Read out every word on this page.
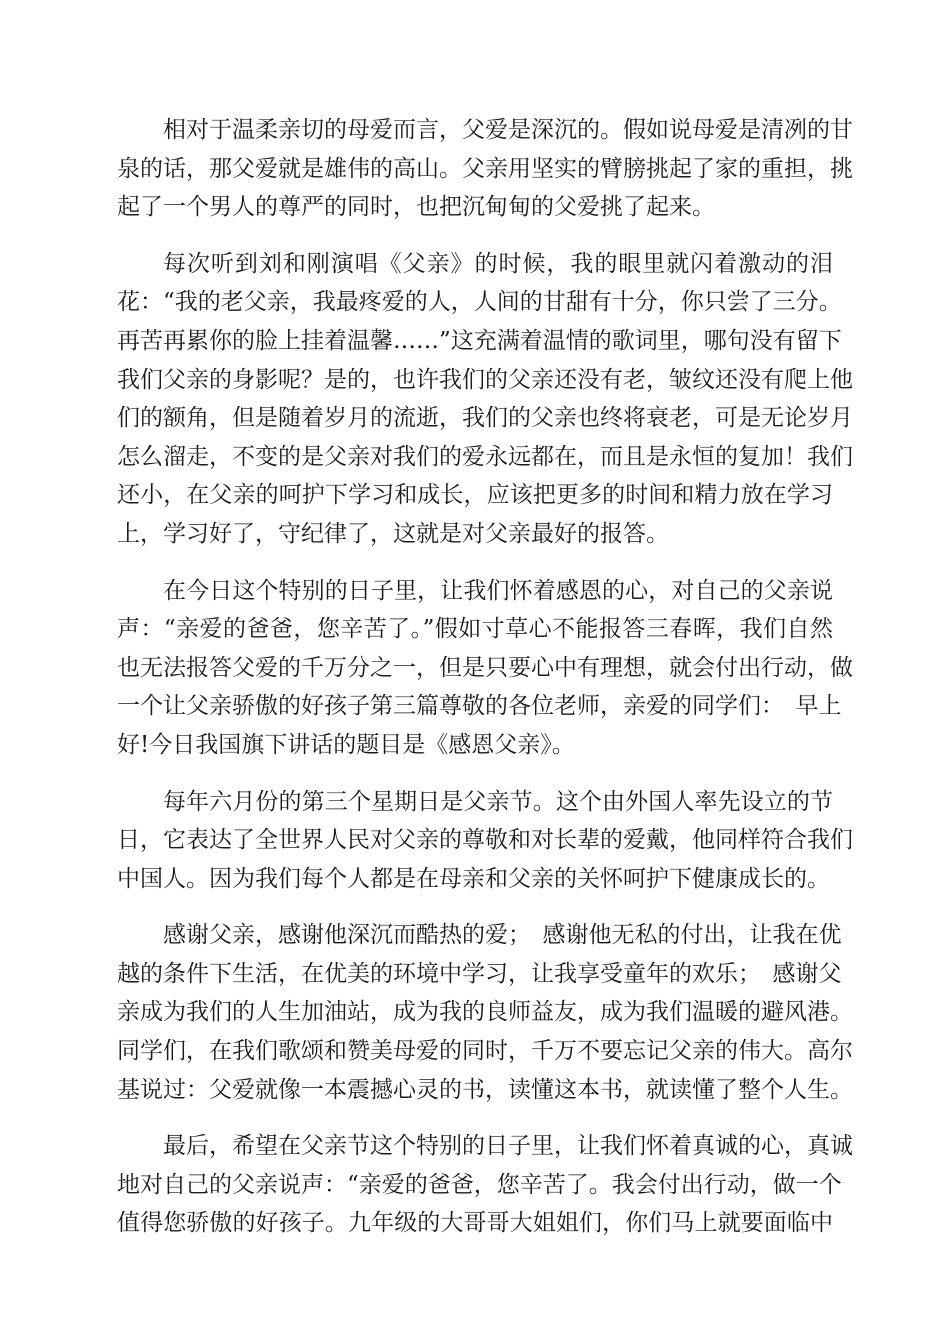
相对于温柔亲切的母爱而言，父爱是深沉的。假如说母爱是清冽的甘
泉的话，那父爱就是雄伟的高山。父亲用坚实的臂膀挑起了家的重担，挑
起了一个男人的尊严的同时，也把沉甸甸的父爱挑了起来。
每次听到刘和刚演唱《父亲》的时候，我的眼里就闪着激动的泪
花：“我的老父亲，我最疼爱的人，人间的甘甜有十分，你只尝了三分。
再苦再累你的脸上挂着温馨……”这充满着温情的歌词里，哪句没有留下
我们父亲的身影呢？是的，也许我们的父亲还没有老，皱纹还没有爬上他
们的额角，但是随着岁月的流逝，我们的父亲也终将衰老，可是无论岁月
怎么溜走，不变的是父亲对我们的爱永远都在，而且是永恒的复加！我们
还小，在父亲的呵护下学习和成长，应该把更多的时间和精力放在学习
上，学习好了，守纪律了，这就是对父亲最好的报答。
在今日这个特别的日子里，让我们怀着感恩的心，对自己的父亲说
声：“亲爱的爸爸，您辛苦了。”假如寸草心不能报答三春晖，我们自然
也无法报答父爱的千万分之一，但是只要心中有理想，就会付出行动，做
一个让父亲骄傲的好孩子第三篇尊敬的各位老师，亲爱的同学们：　早上
好!今日我国旗下讲话的题目是《感恩父亲》。
每年六月份的第三个星期日是父亲节。这个由外国人率先设立的节
日，它表达了全世界人民对父亲的尊敬和对长辈的爱戴，他同样符合我们
中国人。因为我们每个人都是在母亲和父亲的关怀呵护下健康成长的。
感谢父亲，感谢他深沉而酷热的爱；　感谢他无私的付出，让我在优
越的条件下生活，在优美的环境中学习，让我享受童年的欢乐；　感谢父
亲成为我们的人生加油站，成为我的良师益友，成为我们温暖的避风港。
同学们，在我们歌颂和赞美母爱的同时，千万不要忘记父亲的伟大。高尔
基说过：父爱就像一本震撼心灵的书，读懂这本书，就读懂了整个人生。
最后，希望在父亲节这个特别的日子里，让我们怀着真诚的心，真诚
地对自己的父亲说声：“亲爱的爸爸，您辛苦了。我会付出行动，做一个
值得您骄傲的好孩子。九年级的大哥哥大姐姐们，你们马上就要面临中
